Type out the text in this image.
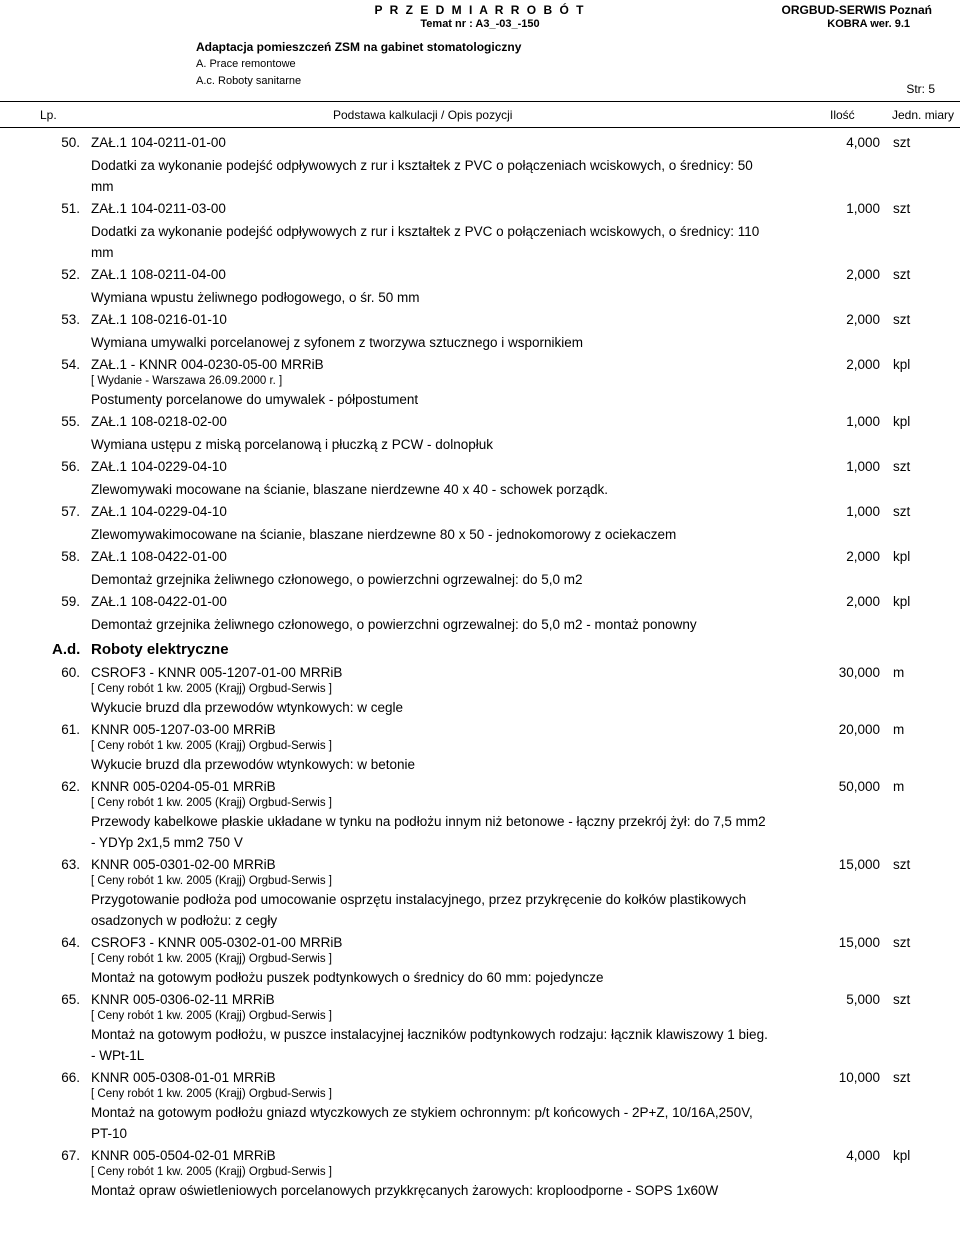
P R Z E D M I A R R O B Ó T
Temat nr : A3_-03_-150
ORGBUD-SERWIS Poznań
KOBRA wer. 9.1
Adaptacja pomieszczeń ZSM na gabinet stomatologiczny
A. Prace remontowe
A.c. Roboty sanitarne
Str: 5
Lp.	Podstawa kalkulacji / Opis pozycji	Ilość	Jedn. miary
50. ZAŁ.1 104-0211-01-00	4,000 szt
Dodatki za wykonanie podejść odpływowych z rur i kształtek z PVC o połączeniach wciskowych, o średnicy: 50 mm
51. ZAŁ.1 104-0211-03-00	1,000 szt
Dodatki za wykonanie podejść odpływowych z rur i kształtek z PVC o połączeniach wciskowych, o średnicy: 110 mm
52. ZAŁ.1 108-0211-04-00	2,000 szt
Wymiana wpustu żeliwnego podłogowego, o śr. 50 mm
53. ZAŁ.1 108-0216-01-10	2,000 szt
Wymiana umywalki porcelanowej z syfonem z tworzywa sztucznego i wspornikiem
54. ZAŁ.1 - KNNR 004-0230-05-00 MRRiB	2,000 kpl
[ Wydanie - Warszawa 26.09.2000 r. ]
Postumenty porcelanowe do umywalek - półpostument
55. ZAŁ.1 108-0218-02-00	1,000 kpl
Wymiana ustępu z miską porcelanową i płuczką z PCW - dolnopłuk
56. ZAŁ.1 104-0229-04-10	1,000 szt
Zlewomywaki mocowane na ścianie, blaszane nierdzewne 40 x 40 - schowek porządk.
57. ZAŁ.1 104-0229-04-10	1,000 szt
Zlewomywakimocowane na ścianie, blaszane nierdzewne 80 x 50 - jednokomorowy z ociekaczem
58. ZAŁ.1 108-0422-01-00	2,000 kpl
Demontaż grzejnika żeliwnego członowego, o powierzchni ogrzewalnej: do 5,0 m2
59. ZAŁ.1 108-0422-01-00	2,000 kpl
Demontaż grzejnika żeliwnego członowego, o powierzchni ogrzewalnej: do 5,0 m2 - montaż ponowny
A.d. Roboty elektryczne
60. CSROF3 - KNNR 005-1207-01-00 MRRiB	30,000 m
[ Ceny robót 1 kw. 2005 (Krajj) Orgbud-Serwis ]
Wykucie bruzd dla przewodów wtynkowych: w cegle
61. KNNR 005-1207-03-00 MRRiB	20,000 m
[ Ceny robót 1 kw. 2005 (Krajj) Orgbud-Serwis ]
Wykucie bruzd dla przewodów wtynkowych: w betonie
62. KNNR 005-0204-05-01 MRRiB	50,000 m
[ Ceny robót 1 kw. 2005 (Krajj) Orgbud-Serwis ]
Przewody kabelkowe płaskie układane w tynku na podłożu innym niż betonowe - łączny przekrój żył: do 7,5 mm2 - YDYp 2x1,5 mm2 750 V
63. KNNR 005-0301-02-00 MRRiB	15,000 szt
[ Ceny robót 1 kw. 2005 (Krajj) Orgbud-Serwis ]
Przygotowanie podłoża pod umocowanie osprzętu instalacyjnego, przez przykręcenie do kołków plastikowych osadzonych w podłożu: z cegły
64. CSROF3 - KNNR 005-0302-01-00 MRRiB	15,000 szt
[ Ceny robót 1 kw. 2005 (Krajj) Orgbud-Serwis ]
Montaż na gotowym podłożu puszek podtynkowych o średnicy do 60 mm: pojedyncze
65. KNNR 005-0306-02-11 MRRiB	5,000 szt
[ Ceny robót 1 kw. 2005 (Krajj) Orgbud-Serwis ]
Montaż na gotowym podłożu, w puszce instalacyjnej łaczników podtynkowych rodzaju: łącznik klawiszowy 1 bieg. - WPt-1L
66. KNNR 005-0308-01-01 MRRiB	10,000 szt
[ Ceny robót 1 kw. 2005 (Krajj) Orgbud-Serwis ]
Montaż na gotowym podłożu gniazd wtyczkowych ze stykiem ochronnym: p/t końcowych - 2P+Z, 10/16A,250V, PT-10
67. KNNR 005-0504-02-01 MRRiB	4,000 kpl
[ Ceny robót 1 kw. 2005 (Krajj) Orgbud-Serwis ]
Montaż opraw oświetleniowych porcelanowych przykkręcanych żarowych: kroploodporne - SOPS 1x60W
